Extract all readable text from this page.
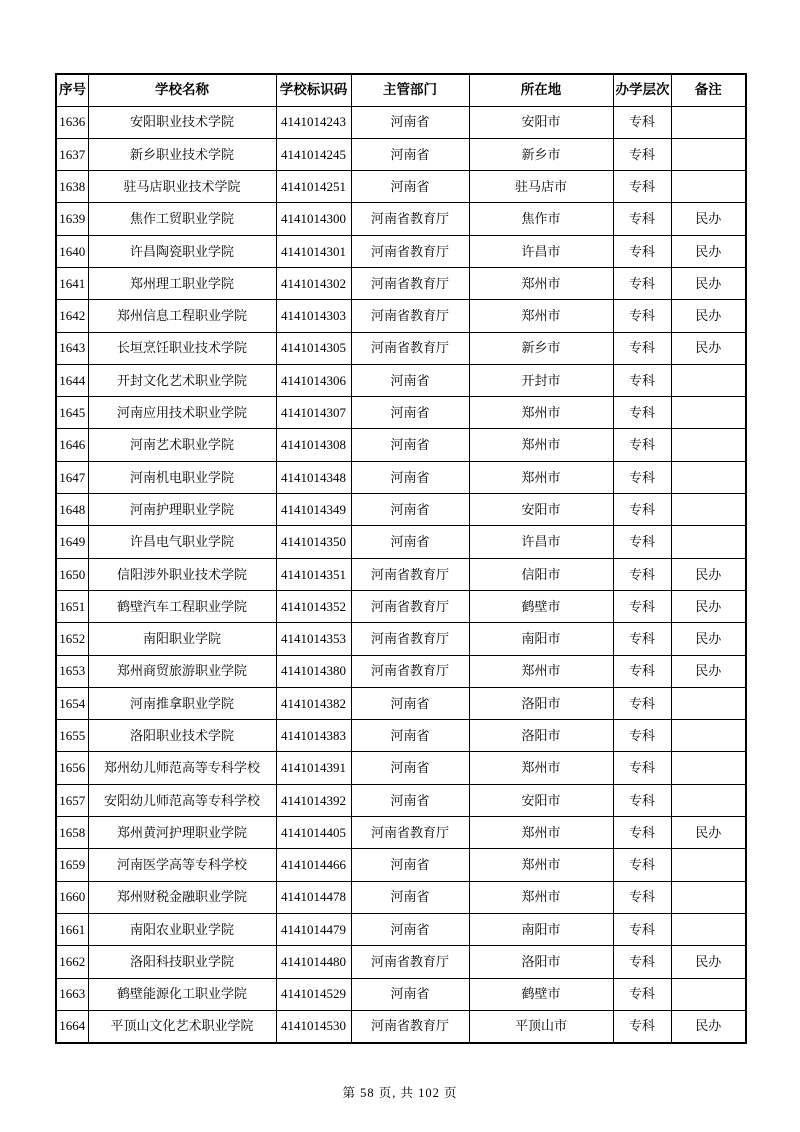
序号	学校名称	学校标识码	主管部门	所在地	办学层次	备注
1636	安阳职业技术学院	4141014243	河南省	安阳市	专科	
1637	新乡职业技术学院	4141014245	河南省	新乡市	专科	
1638	驻马店职业技术学院	4141014251	河南省	驻马店市	专科	
1639	焦作工贸职业学院	4141014300	河南省教育厅	焦作市	专科	民办
1640	许昌陶瓷职业学院	4141014301	河南省教育厅	许昌市	专科	民办
1641	郑州理工职业学院	4141014302	河南省教育厅	郑州市	专科	民办
1642	郑州信息工程职业学院	4141014303	河南省教育厅	郑州市	专科	民办
1643	长垣烹饪职业技术学院	4141014305	河南省教育厅	新乡市	专科	民办
1644	开封文化艺术职业学院	4141014306	河南省	开封市	专科	
1645	河南应用技术职业学院	4141014307	河南省	郑州市	专科	
1646	河南艺术职业学院	4141014308	河南省	郑州市	专科	
1647	河南机电职业学院	4141014348	河南省	郑州市	专科	
1648	河南护理职业学院	4141014349	河南省	安阳市	专科	
1649	许昌电气职业学院	4141014350	河南省	许昌市	专科	
1650	信阳涉外职业技术学院	4141014351	河南省教育厅	信阳市	专科	民办
1651	鹤壁汽车工程职业学院	4141014352	河南省教育厅	鹤壁市	专科	民办
1652	南阳职业学院	4141014353	河南省教育厅	南阳市	专科	民办
1653	郑州商贸旅游职业学院	4141014380	河南省教育厅	郑州市	专科	民办
1654	河南推拿职业学院	4141014382	河南省	洛阳市	专科	
1655	洛阳职业技术学院	4141014383	河南省	洛阳市	专科	
1656	郑州幼儿师范高等专科学校	4141014391	河南省	郑州市	专科	
1657	安阳幼儿师范高等专科学校	4141014392	河南省	安阳市	专科	
1658	郑州黄河护理职业学院	4141014405	河南省教育厅	郑州市	专科	民办
1659	河南医学高等专科学校	4141014466	河南省	郑州市	专科	
1660	郑州财税金融职业学院	4141014478	河南省	郑州市	专科	
1661	南阳农业职业学院	4141014479	河南省	南阳市	专科	
1662	洛阳科技职业学院	4141014480	河南省教育厅	洛阳市	专科	民办
1663	鹤壁能源化工职业学院	4141014529	河南省	鹤壁市	专科	
1664	平顶山文化艺术职业学院	4141014530	河南省教育厅	平顶山市	专科	民办
第 58 页, 共 102 页
